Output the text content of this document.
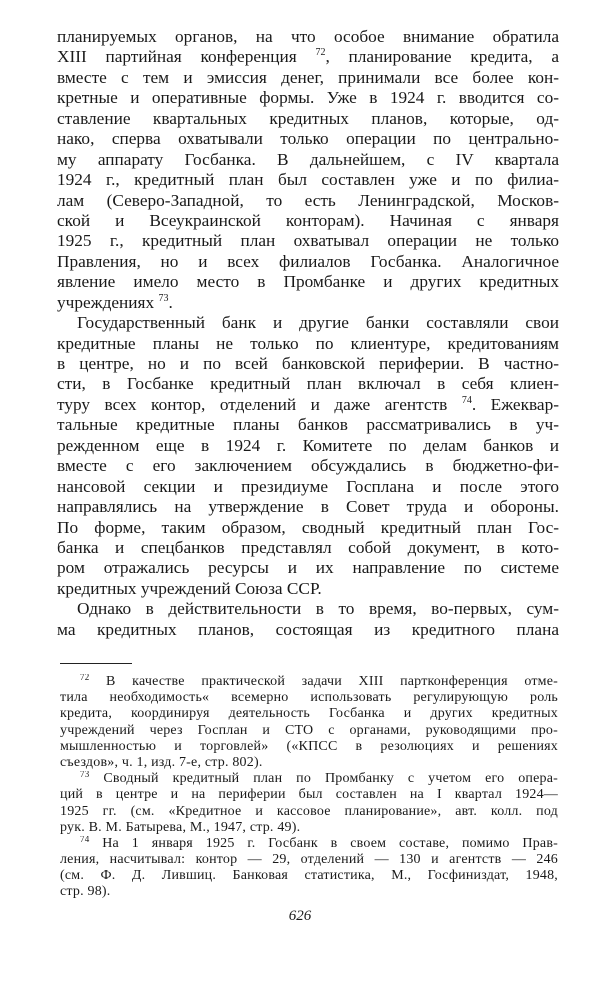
планируемых органов, на что особое внимание обратила
XIII партийная конференция $^{72}$, планирование кредита, а
вместе с тем и эмиссия денег, принимали все более кон-
кретные и оперативные формы. Уже в 1924 г. вводится со-
ставление квартальных кредитных планов, которые, од-
нако, сперва охватывали только операции по центрально-
му аппарату Госбанка. В дальнейшем, с IV квартала
1924 г., кредитный план был составлен уже и по филиа-
лам (Северо-Западной, то есть Ленинградской, Москов-
ской и Всеукраинской конторам). Начиная с января
1925 г., кредитный план охватывал операции не только
Правления, но и всех филиалов Госбанка. Аналогичное
явление имело место в Промбанке и других кредитных
учреждениях $^{73}$.
Государственный банк и другие банки составляли свои
кредитные планы не только по клиентуре, кредитованиям
в центре, но и по всей банковской периферии. В частно-
сти, в Госбанке кредитный план включал в себя клиен-
туру всех контор, отделений и даже агентств $^{74}$. Ежеквар-
тальные кредитные планы банков рассматривались в уч-
режденном еще в 1924 г. Комитете по делам банков и
вместе с его заключением обсуждались в бюджетно-фи-
нансовой секции и президиуме Госплана и после этого
направлялись на утверждение в Совет труда и обороны.
По форме, таким образом, сводный кредитный план Гос-
банка и спецбанков представлял собой документ, в кото-
ром отражались ресурсы и их направление по системе
кредитных учреждений Союза ССР.
Однако в действительности в то время, во-первых, сум-
ма кредитных планов, состоящая из кредитного плана
$^{72}$ В качестве практической задачи XIII партконференция отме-
тила необходимость« всемерно использовать регулирующую роль
кредита, координируя деятельность Госбанка и других кредитных
учреждений через Госплан и СТО с органами, руководящими про-
мышленностью и торговлей» («КПСС в резолюциях и решениях
съездов», ч. 1, изд. 7-е, стр. 802).
$^{73}$ Сводный кредитный план по Промбанку с учетом его опера-
ций в центре и на периферии был составлен на I квартал 1924—
1925 гг. (см. «Кредитное и кассовое планирование», авт. колл. под
рук. В. М. Батырева, М., 1947, стр. 49).
$^{74}$ На 1 января 1925 г. Госбанк в своем составе, помимо Прав-
ления, насчитывал: контор — 29, отделений — 130 и агентств — 246
(см. Ф. Д. Лившиц. Банковая статистика, М., Госфиниздат, 1948,
стр. 98).
626
